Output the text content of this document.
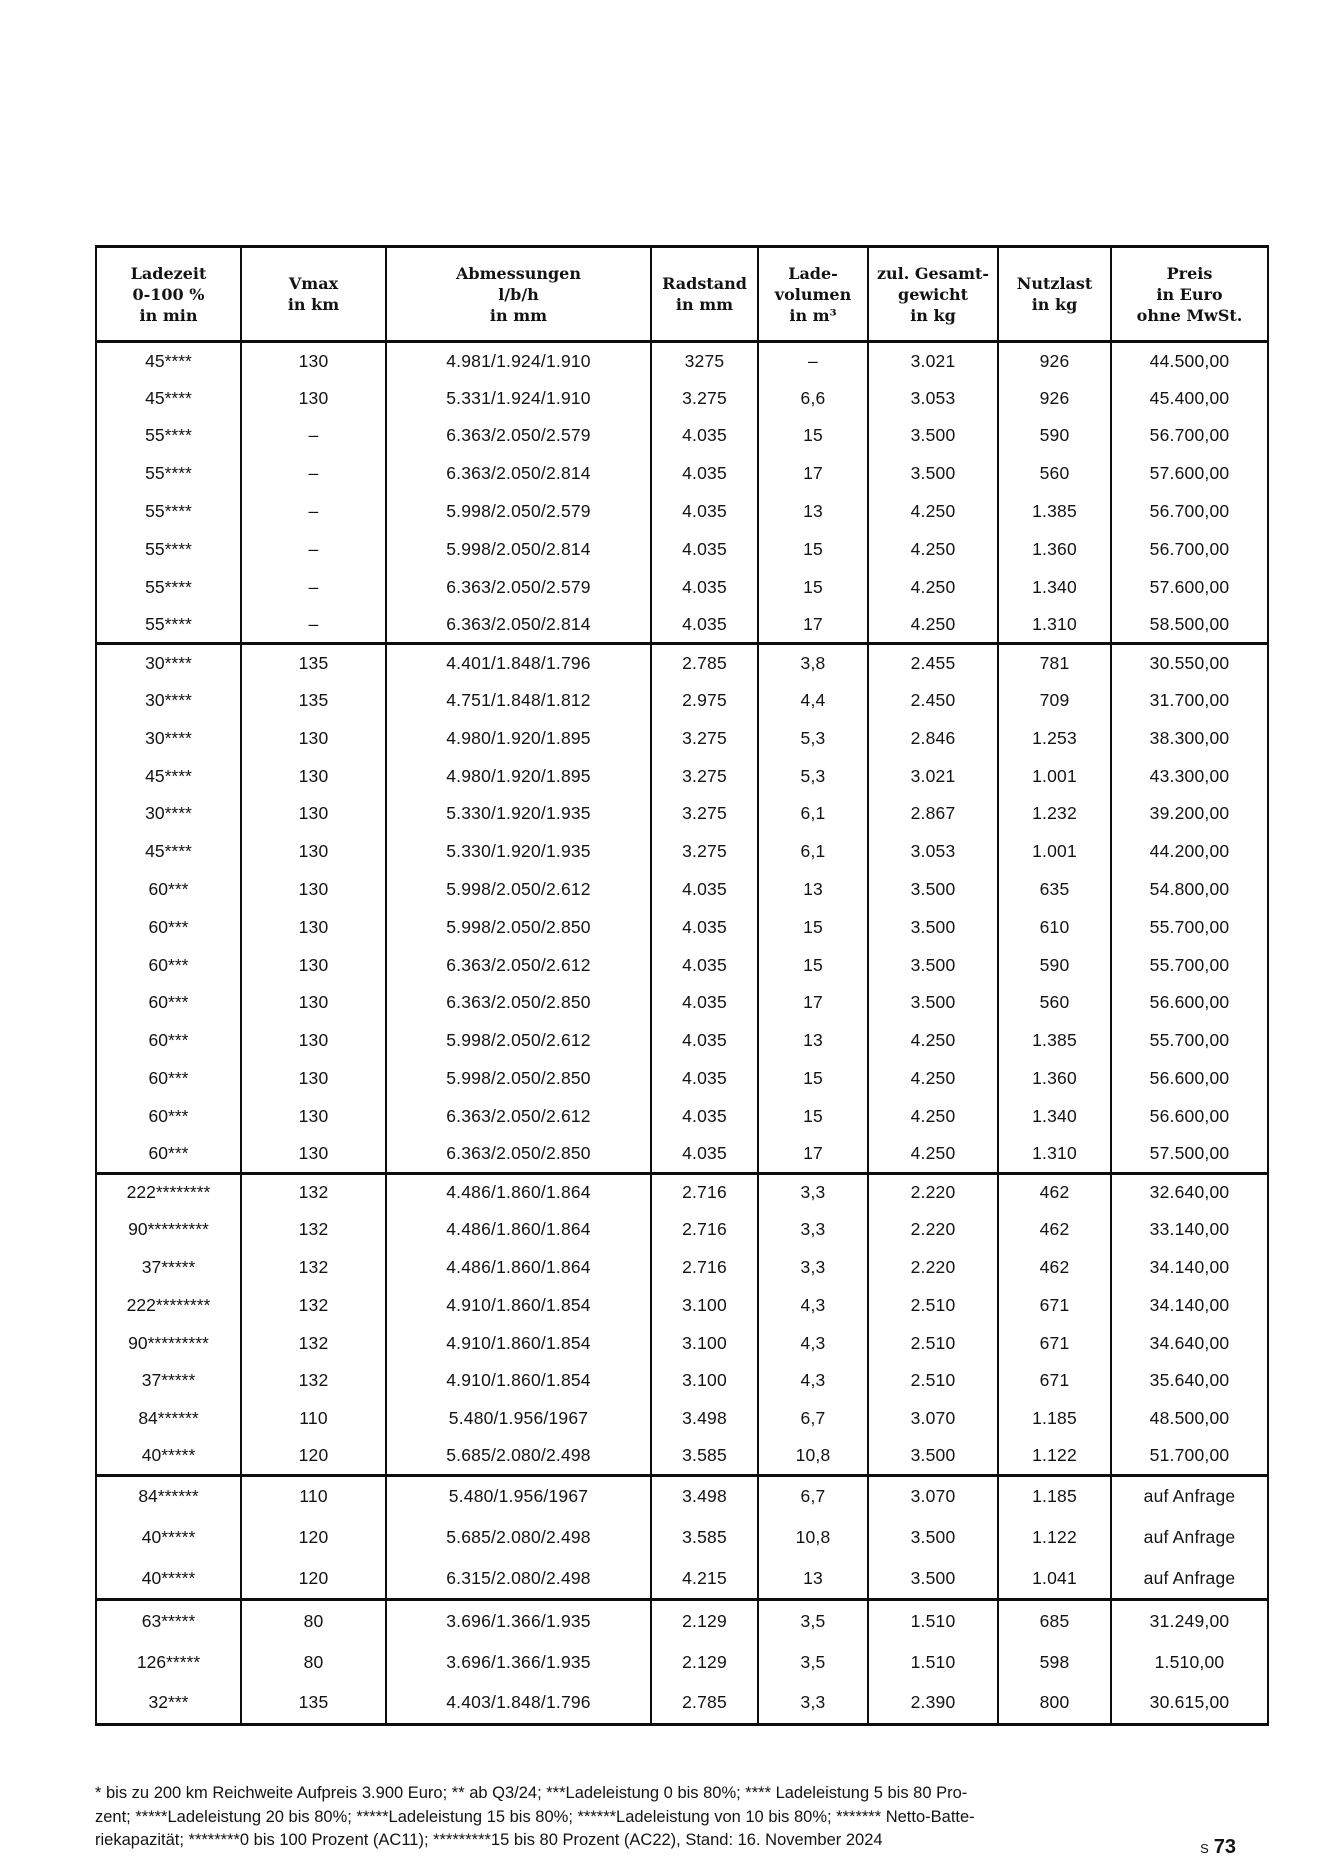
Ladezeit
0-100 %
in min

Vmax
in km

Abmessungen
l/b/h
in mm

Radstand
in mm

Lade-
volumen
in m³

zul. Gesamt-
gewicht
in kg

Nutzlast
in kg

Preis
in Euro
ohne MwSt.

45****	130	4.981/1.924/1.910	3275	–	3.021	926	44.500,00
45****	130	5.331/1.924/1.910	3.275	6,6	3.053	926	45.400,00
55****	–	6.363/2.050/2.579	4.035	15	3.500	590	56.700,00
55****	–	6.363/2.050/2.814	4.035	17	3.500	560	57.600,00
55****	–	5.998/2.050/2.579	4.035	13	4.250	1.385	56.700,00
55****	–	5.998/2.050/2.814	4.035	15	4.250	1.360	56.700,00
55****	–	6.363/2.050/2.579	4.035	15	4.250	1.340	57.600,00
55****	–	6.363/2.050/2.814	4.035	17	4.250	1.310	58.500,00
30****	135	4.401/1.848/1.796	2.785	3,8	2.455	781	30.550,00
30****	135	4.751/1.848/1.812	2.975	4,4	2.450	709	31.700,00
30****	130	4.980/1.920/1.895	3.275	5,3	2.846	1.253	38.300,00
45****	130	4.980/1.920/1.895	3.275	5,3	3.021	1.001	43.300,00
30****	130	5.330/1.920/1.935	3.275	6,1	2.867	1.232	39.200,00
45****	130	5.330/1.920/1.935	3.275	6,1	3.053	1.001	44.200,00
60***	130	5.998/2.050/2.612	4.035	13	3.500	635	54.800,00
60***	130	5.998/2.050/2.850	4.035	15	3.500	610	55.700,00
60***	130	6.363/2.050/2.612	4.035	15	3.500	590	55.700,00
60***	130	6.363/2.050/2.850	4.035	17	3.500	560	56.600,00
60***	130	5.998/2.050/2.612	4.035	13	4.250	1.385	55.700,00
60***	130	5.998/2.050/2.850	4.035	15	4.250	1.360	56.600,00
60***	130	6.363/2.050/2.612	4.035	15	4.250	1.340	56.600,00
60***	130	6.363/2.050/2.850	4.035	17	4.250	1.310	57.500,00
222********	132	4.486/1.860/1.864	2.716	3,3	2.220	462	32.640,00
90*********	132	4.486/1.860/1.864	2.716	3,3	2.220	462	33.140,00
37*****	132	4.486/1.860/1.864	2.716	3,3	2.220	462	34.140,00
222********	132	4.910/1.860/1.854	3.100	4,3	2.510	671	34.140,00
90*********	132	4.910/1.860/1.854	3.100	4,3	2.510	671	34.640,00
37*****	132	4.910/1.860/1.854	3.100	4,3	2.510	671	35.640,00
84******	110	5.480/1.956/1967	3.498	6,7	3.070	1.185	48.500,00
40*****	120	5.685/2.080/2.498	3.585	10,8	3.500	1.122	51.700,00
84******	110	5.480/1.956/1967	3.498	6,7	3.070	1.185	auf Anfrage
40*****	120	5.685/2.080/2.498	3.585	10,8	3.500	1.122	auf Anfrage
40*****	120	6.315/2.080/2.498	4.215	13	3.500	1.041	auf Anfrage
63*****	80	3.696/1.366/1.935	2.129	3,5	1.510	685	31.249,00
126*****	80	3.696/1.366/1.935	2.129	3,5	1.510	598	1.510,00
32***	135	4.403/1.848/1.796	2.785	3,3	2.390	800	30.615,00
* bis zu 200 km Reichweite Aufpreis 3.900 Euro; ** ab Q3/24; ***Ladeleistung 0 bis 80%; **** Ladeleistung 5 bis 80 Pro-
zent; *****Ladeleistung 20 bis 80%; *****Ladeleistung 15 bis 80%; ******Ladeleistung von 10 bis 80%; ******* Netto-Batte-
riekapazität; ********0 bis 100 Prozent (AC11); *********15 bis 80 Prozent (AC22), Stand: 16. November 2024	S 73
